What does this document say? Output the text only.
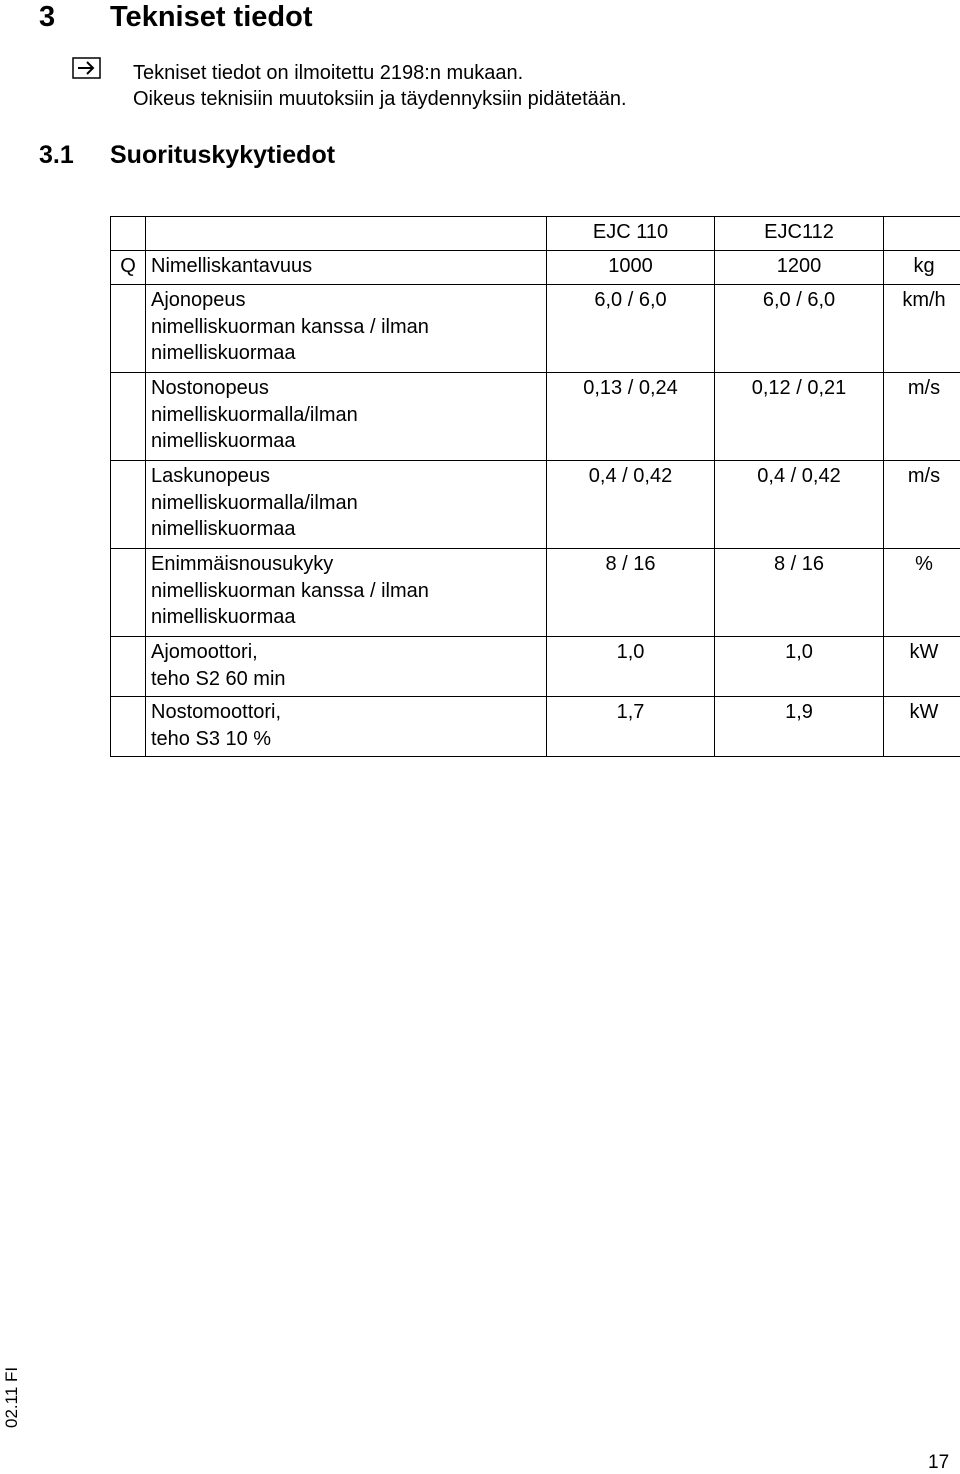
3 Tekniset tiedot
Tekniset tiedot on ilmoitettu 2198:n mukaan.
Oikeus teknisiin muutoksiin ja täydennyksiin pidätetään.
3.1 Suorituskykytiedot
		EJC 110	EJC112	
Q	Nimelliskantavuus	1000	1200	kg

	Ajonopeus
nimelliskuorman kanssa / ilman
nimelliskuormaa	6,0 / 6,0	6,0 / 6,0	km/h

	Nostonopeus
nimelliskuormalla/ilman
nimelliskuormaa	0,13 / 0,24	0,12 / 0,21	m/s

	Laskunopeus
nimelliskuormalla/ilman
nimelliskuormaa	0,4 / 0,42	0,4 / 0,42	m/s

	Enimmäisnousukyky
nimelliskuorman kanssa / ilman
nimelliskuormaa	8 / 16	8 / 16	%

	Ajomoottori,
teho S2 60 min	1,0	1,0	kW

	Nostomoottori,
teho S3 10 %	1,7	1,9	kW
02.11 FI
17
